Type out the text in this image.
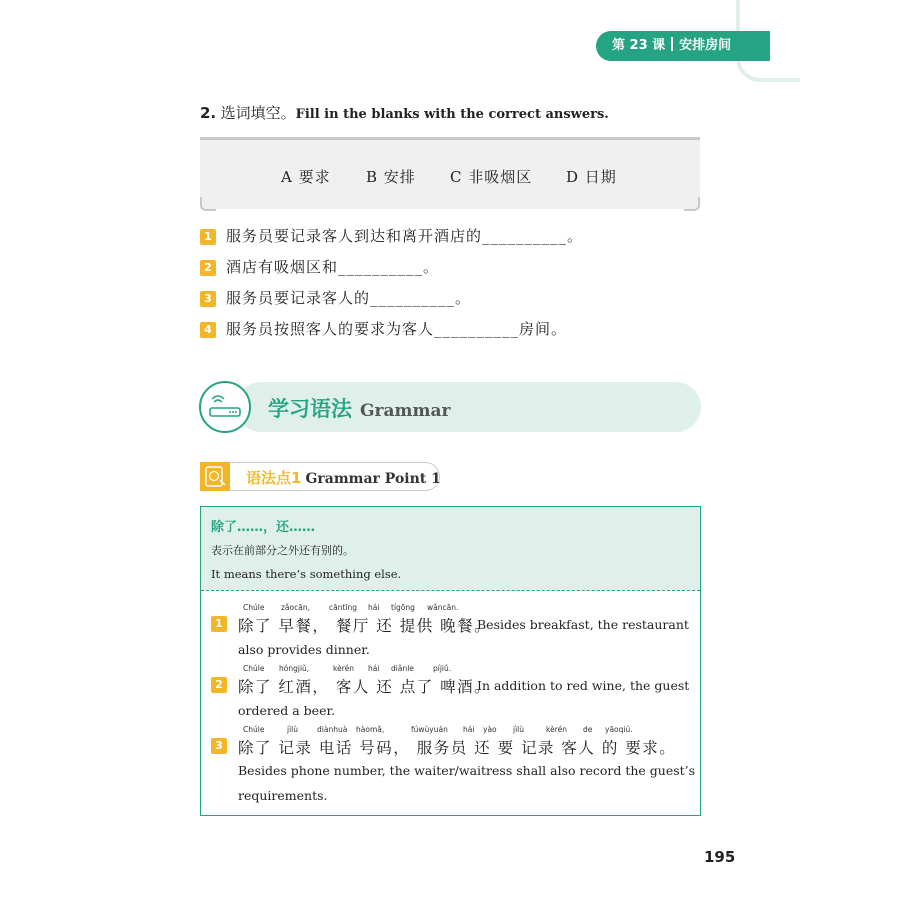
第 23 课 安排房间
2. 选词填空。Fill in the blanks with the correct answers.
A 要求 B 安排 C 非吸烟区 D 日期
1 服务员要记录客人到达和离开酒店的__________。
2 酒店有吸烟区和__________。
3 服务员要记录客人的__________。
4 服务员按照客人的要求为客人__________房间。
学习语法 Grammar
语法点1 Grammar Point 1
除了……，还……
表示在前部分之外还有别的。
It means there’s something else.
1
Chúle zǎocān,	cāntīng hái tígōng wǎncān.
除了 早餐， 餐厅 还 提供 晚餐。
Besides breakfast, the restaurant
also provides dinner.
2
Chúle hóngjiǔ,	kèrén hái diǎnle	píjiǔ.
除了 红酒， 客人 还 点了 啤酒。
In addition to red wine, the guest
ordered a beer.
3
Chúle	jìlù	diànhuà hàomǎ,	fúwùyuán hái yào jìlù	kèrén de yāoqiú.
除了 记录 电话 号码， 服务员 还 要 记录 客人 的 要求。
Besides phone number, the waiter/waitress shall also record the guest’s
requirements.
195
